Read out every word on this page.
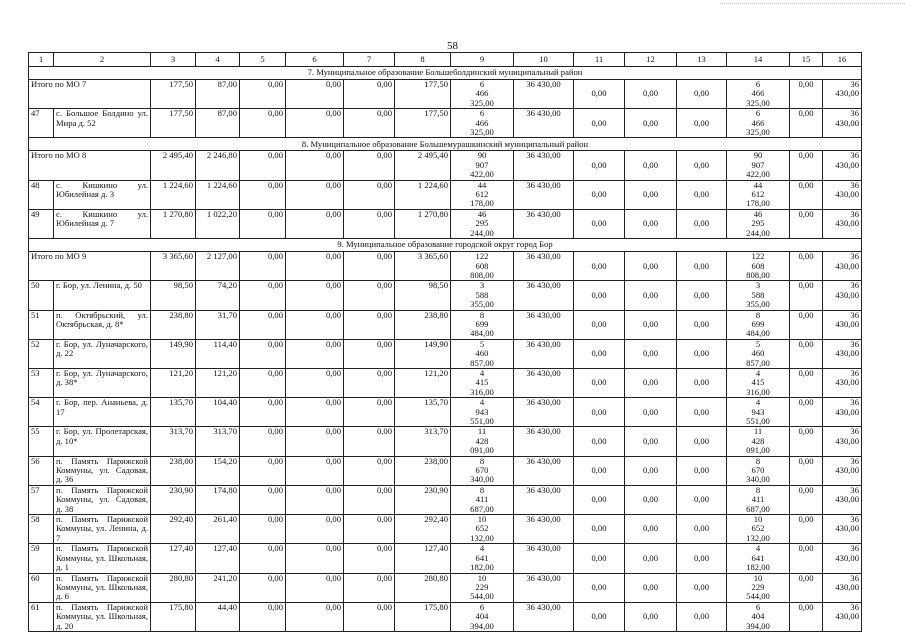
58
1	2	3	4	5	6	7	8	9	10	11	12	13	14	15	16
7. Муниципальное образование Большеболдинский муниципальный район															
Итого по МО 7		177,50	87,00	0,00	0,00	0,00	177,50	6 466 325,00	36 430,00	0,00	0,00	0,00	6 466 325,00	0,00	36 430,00
47	с. Большое Болдино ул. Мира д. 52	177,50	87,00	0,00	0,00	0,00	177,50	6 466 325,00	36 430,00	0,00	0,00	0,00	6 466 325,00	0,00	36 430,00
8. Муниципальное образование Большемурашкинский муниципальный район															
Итого по МО 8		2 495,40	2 246,80	0,00	0,00	0,00	2 495,40	90 907 422,00	36 430,00	0,00	0,00	0,00	90 907 422,00	0,00	36 430,00
48	с. Кишкино ул. Юбилейная д. 3	1 224,60	1 224,60	0,00	0,00	0,00	1 224,60	44 612 178,00	36 430,00	0,00	0,00	0,00	44 612 178,00	0,00	36 430,00
49	с. Кишкино ул. Юбилейная д. 7	1 270,80	1 022,20	0,00	0,00	0,00	1 270,80	46 295 244,00	36 430,00	0,00	0,00	0,00	46 295 244,00	0,00	36 430,00
9. Муниципальное образование городской округ город Бор															
Итого по МО 9		3 365,60	2 127,00	0,00	0,00	0,00	3 365,60	122 608 808,00	36 430,00	0,00	0,00	0,00	122 608 808,00	0,00	36 430,00
50	г. Бор, ул. Ленина, д. 50	98,50	74,20	0,00	0,00	0,00	98,50	3 588 355,00	36 430,00	0,00	0,00	0,00	3 588 355,00	0,00	36 430,00
51	п. Октябрьский, ул. Октябрьская, д. 8*	238,80	31,70	0,00	0,00	0,00	238,80	8 699 484,00	36 430,00	0,00	0,00	0,00	8 699 484,00	0,00	36 430,00
52	г. Бор, ул. Луначарского, д. 22	149,90	114,40	0,00	0,00	0,00	149,90	5 460 857,00	36 430,00	0,00	0,00	0,00	5 460 857,00	0,00	36 430,00
53	г. Бор, ул. Луначарского, д. 38*	121,20	121,20	0,00	0,00	0,00	121,20	4 415 316,00	36 430,00	0,00	0,00	0,00	4 415 316,00	0,00	36 430,00
54	г. Бор, пер. Ананьева, д. 17	135,70	104,40	0,00	0,00	0,00	135,70	4 943 551,00	36 430,00	0,00	0,00	0,00	4 943 551,00	0,00	36 430,00
55	г. Бор, ул. Пролетарская, д. 10*	313,70	313,70	0,00	0,00	0,00	313,70	11 428 091,00	36 430,00	0,00	0,00	0,00	11 428 091,00	0,00	36 430,00
56	п. Память Парижской Коммуны, ул. Садовая, д. 36	238,00	154,20	0,00	0,00	0,00	238,00	8 670 340,00	36 430,00	0,00	0,00	0,00	8 670 340,00	0,00	36 430,00
57	п. Память Парижской Коммуны, ул. Садовая, д. 38	230,90	174,80	0,00	0,00	0,00	230,90	8 411 687,00	36 430,00	0,00	0,00	0,00	8 411 687,00	0,00	36 430,00
58	п. Память Парижской Коммуны, ул. Ленина, д. 7	292,40	261,40	0,00	0,00	0,00	292,40	10 652 132,00	36 430,00	0,00	0,00	0,00	10 652 132,00	0,00	36 430,00
59	п. Память Парижской Коммуны, ул. Школьная, д. 1	127,40	127,40	0,00	0,00	0,00	127,40	4 641 182,00	36 430,00	0,00	0,00	0,00	4 641 182,00	0,00	36 430,00
60	п. Память Парижской Коммуны, ул. Школьная, д. 6	280,80	241,20	0,00	0,00	0,00	280,80	10 229 544,00	36 430,00	0,00	0,00	0,00	10 229 544,00	0,00	36 430,00
61	п. Память Парижской Коммуны, ул. Школьная, д. 20	175,80	44,40	0,00	0,00	0,00	175,80	6 404 394,00	36 430,00	0,00	0,00	0,00	6 404 394,00	0,00	36 430,00
